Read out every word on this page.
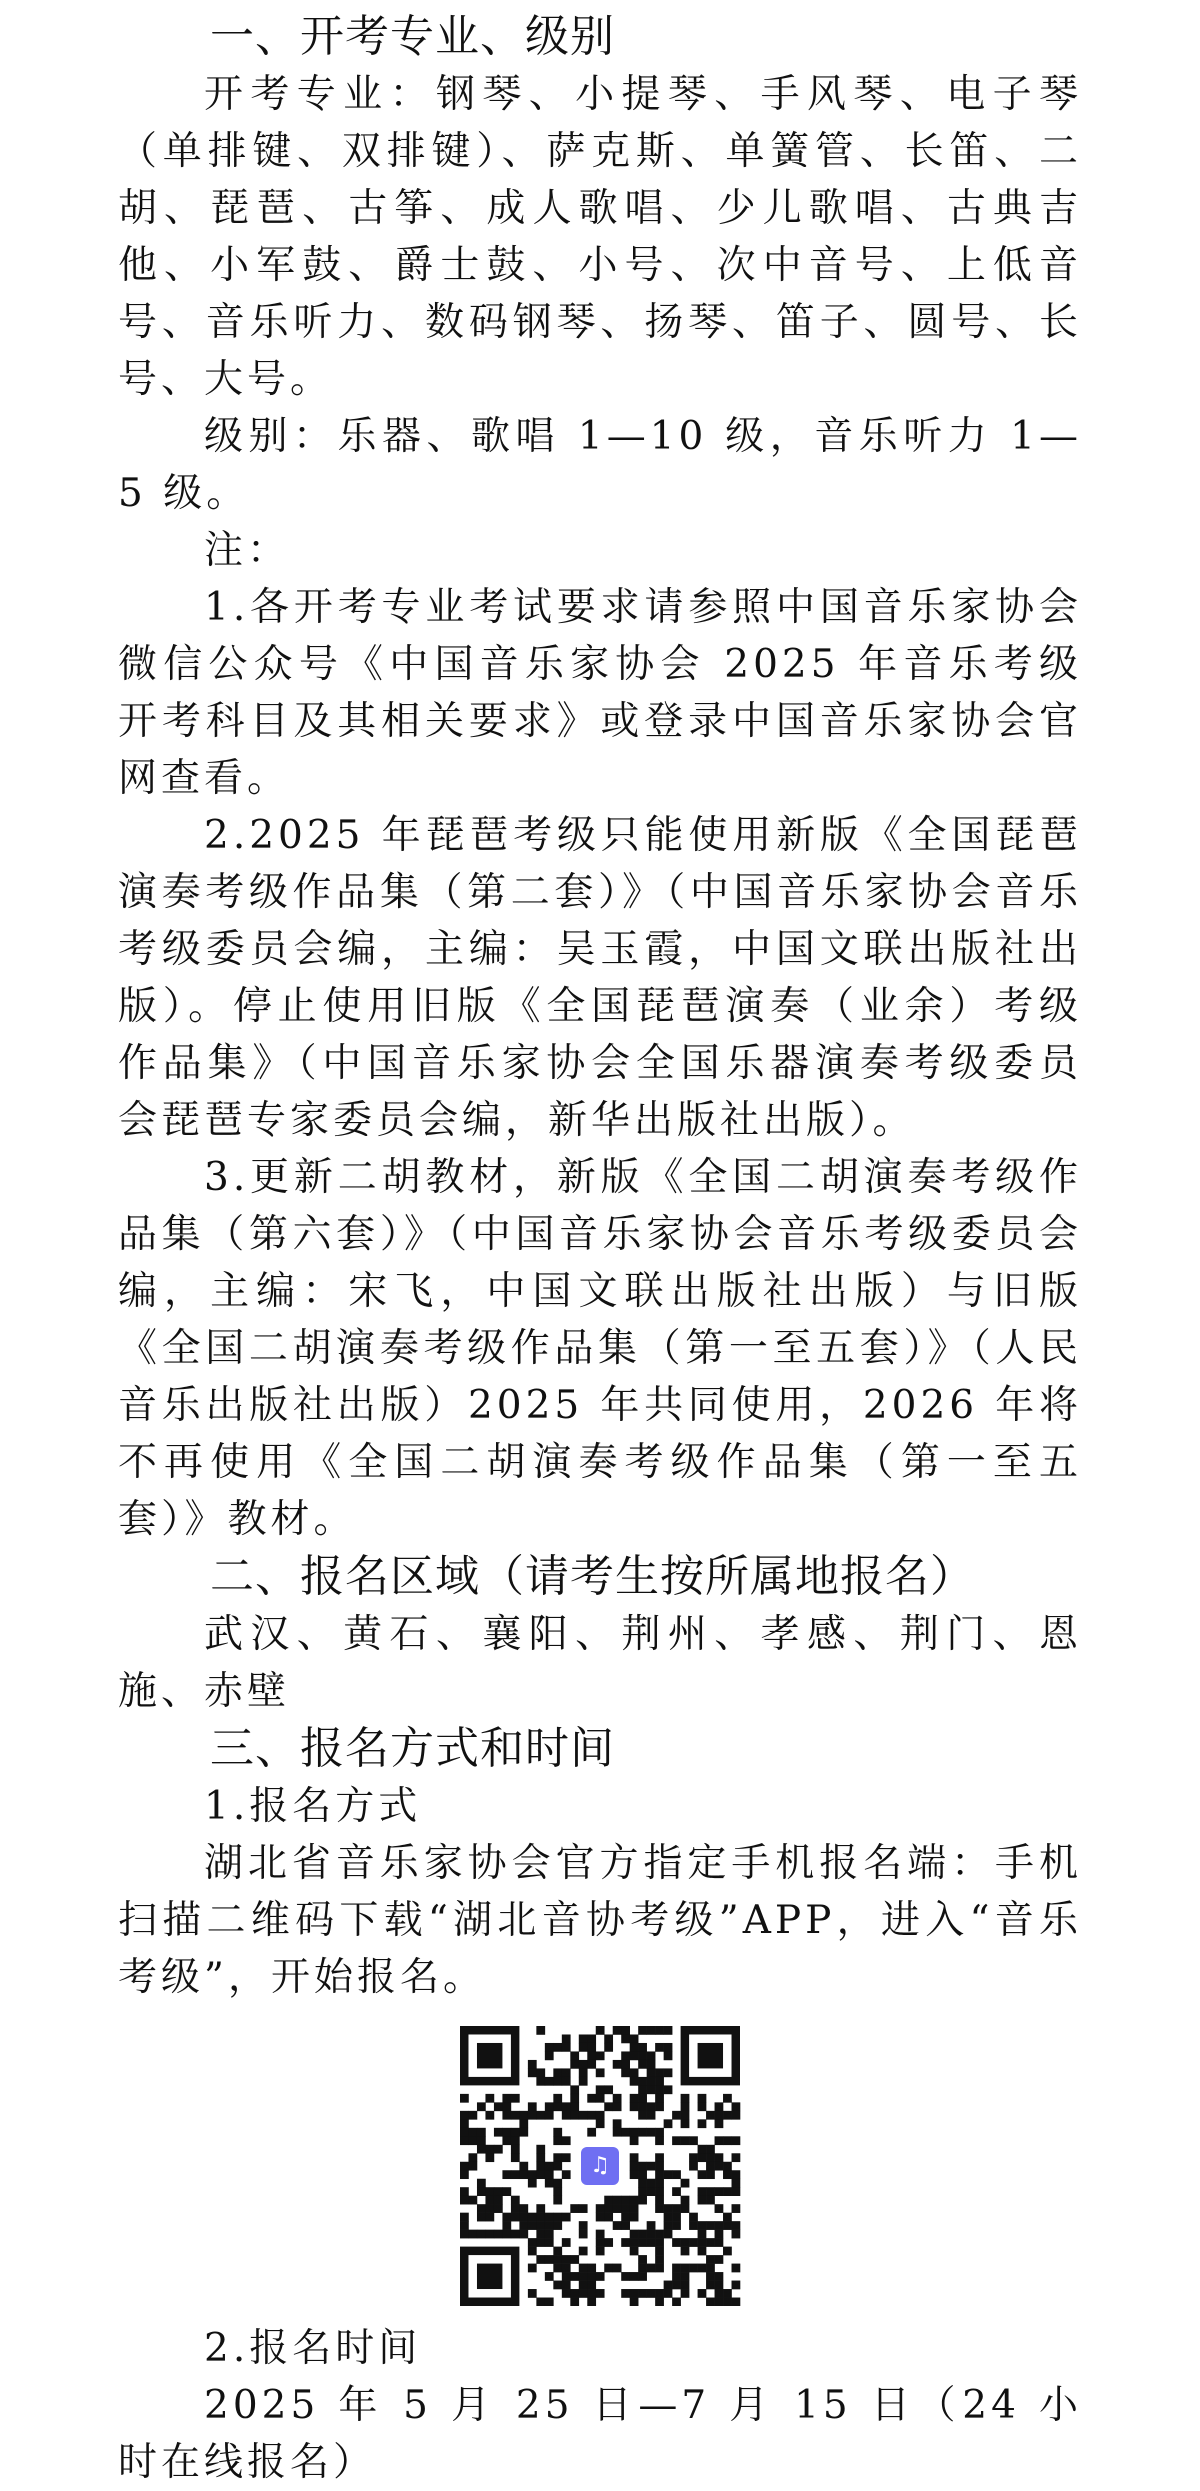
一、开考专业、级别

开考专业：钢琴、小提琴、手风琴、电子琴（单排键、双排键）、萨克斯、单簧管、长笛、二胡、琵琶、古筝、成人歌唱、少儿歌唱、古典吉他、小军鼓、爵士鼓、小号、次中音号、上低音号、音乐听力、数码钢琴、扬琴、笛子、圆号、长号、大号。

级别：乐器、歌唱 1—10 级，音乐听力 1—5 级。

注：

1.各开考专业考试要求请参照中国音乐家协会微信公众号《中国音乐家协会 2025 年音乐考级开考科目及其相关要求》或登录中国音乐家协会官网查看。

2.2025 年琵琶考级只能使用新版《全国琵琶演奏考级作品集（第二套）》（中国音乐家协会音乐考级委员会编，主编：吴玉霞，中国文联出版社出版）。停止使用旧版《全国琵琶演奏（业余）考级作品集》（中国音乐家协会全国乐器演奏考级委员会琵琶专家委员会编，新华出版社出版）。

3.更新二胡教材，新版《全国二胡演奏考级作品集（第六套）》（中国音乐家协会音乐考级委员会编，主编：宋飞，中国文联出版社出版）与旧版《全国二胡演奏考级作品集（第一至五套）》（人民音乐出版社出版）2025 年共同使用，2026 年将不再使用《全国二胡演奏考级作品集（第一至五套）》教材。

二、报名区域（请考生按所属地报名）

武汉、黄石、襄阳、荆州、孝感、荆门、恩施、赤壁

三、报名方式和时间

1.报名方式

湖北省音乐家协会官方指定手机报名端：手机扫描二维码下载“湖北音协考级”APP，进入“音乐考级”，开始报名。

♫

2.报名时间

2025 年 5 月 25 日—7 月 15 日（24 小时在线报名）
